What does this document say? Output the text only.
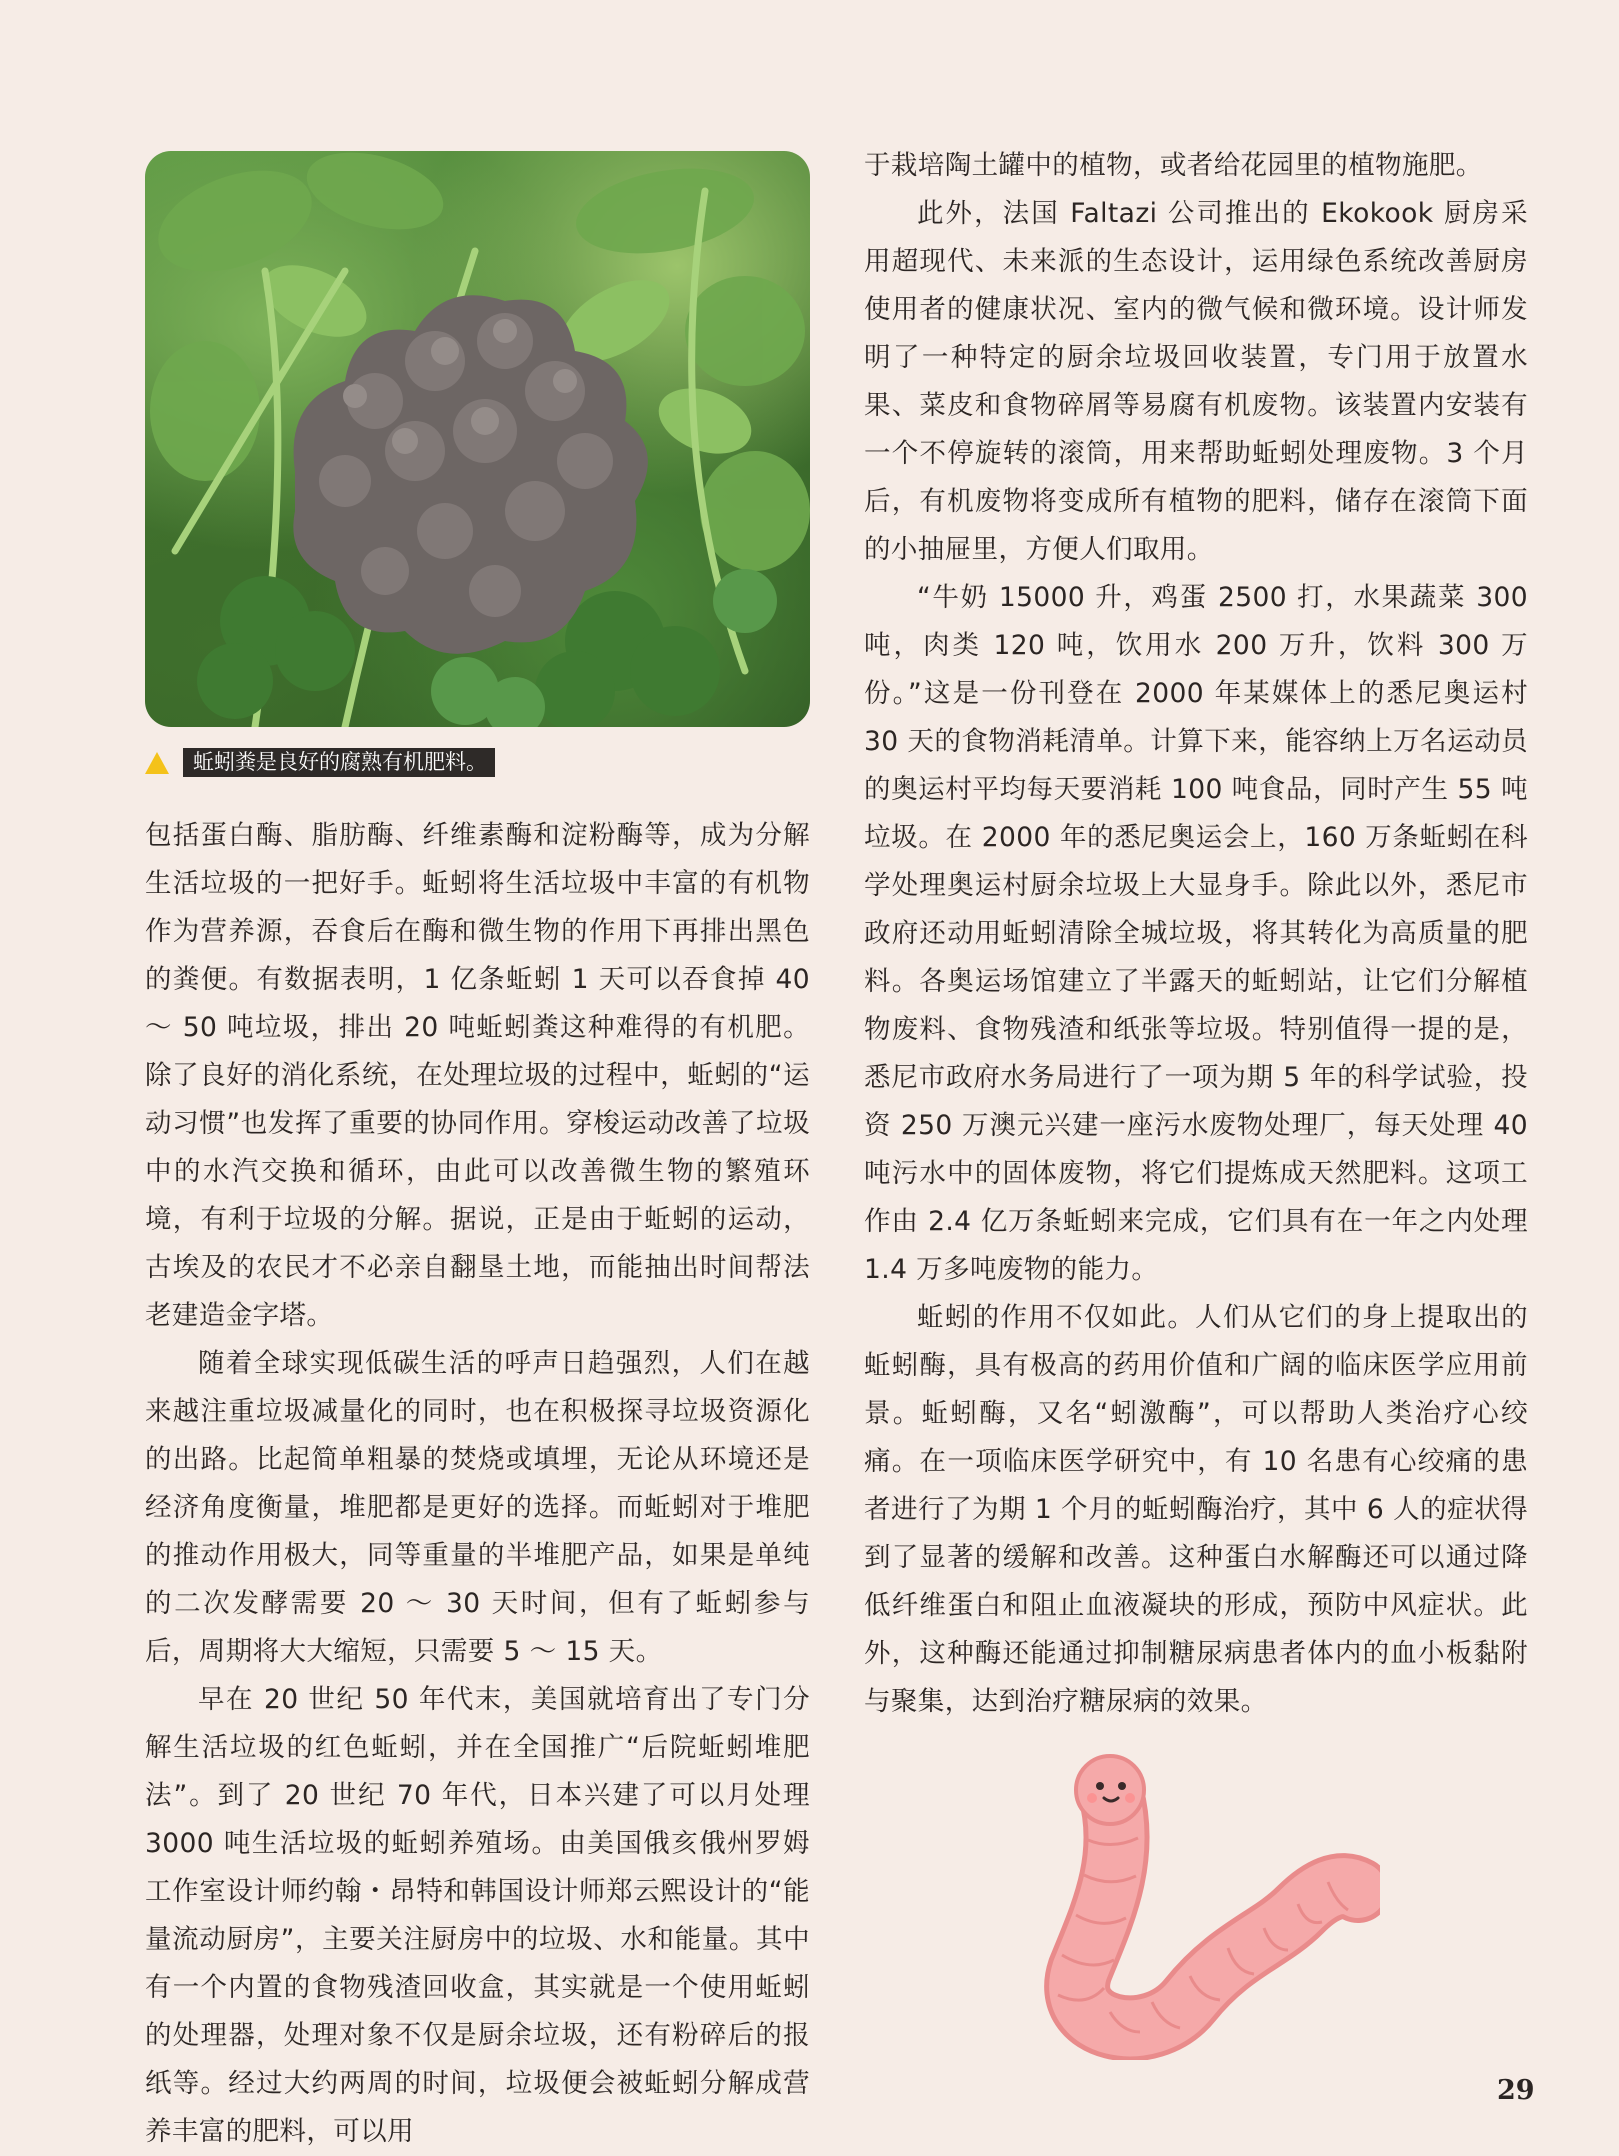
蚯蚓粪是良好的腐熟有机肥料。

包括蛋白酶、脂肪酶、纤维素酶和淀粉酶等，成为分解生活垃圾的一把好手。蚯蚓将生活垃圾中丰富的有机物作为营养源，吞食后在酶和微生物的作用下再排出黑色的粪便。有数据表明，1 亿条蚯蚓 1 天可以吞食掉 40 ～ 50 吨垃圾，排出 20 吨蚯蚓粪这种难得的有机肥。除了良好的消化系统，在处理垃圾的过程中，蚯蚓的“运动习惯”也发挥了重要的协同作用。穿梭运动改善了垃圾中的水汽交换和循环，由此可以改善微生物的繁殖环境，有利于垃圾的分解。据说，正是由于蚯蚓的运动，古埃及的农民才不必亲自翻垦土地，而能抽出时间帮法老建造金字塔。

随着全球实现低碳生活的呼声日趋强烈，人们在越来越注重垃圾减量化的同时，也在积极探寻垃圾资源化的出路。比起简单粗暴的焚烧或填埋，无论从环境还是经济角度衡量，堆肥都是更好的选择。而蚯蚓对于堆肥的推动作用极大，同等重量的半堆肥产品，如果是单纯的二次发酵需要 20 ～ 30 天时间，但有了蚯蚓参与后，周期将大大缩短，只需要 5 ～ 15 天。

早在 20 世纪 50 年代末，美国就培育出了专门分解生活垃圾的红色蚯蚓，并在全国推广“后院蚯蚓堆肥法”。到了 20 世纪 70 年代，日本兴建了可以月处理 3000 吨生活垃圾的蚯蚓养殖场。由美国俄亥俄州罗姆工作室设计师约翰・昂特和韩国设计师郑云熙设计的“能量流动厨房”，主要关注厨房中的垃圾、水和能量。其中有一个内置的食物残渣回收盒，其实就是一个使用蚯蚓的处理器，处理对象不仅是厨余垃圾，还有粉碎后的报纸等。经过大约两周的时间，垃圾便会被蚯蚓分解成营养丰富的肥料，可以用

于栽培陶土罐中的植物，或者给花园里的植物施肥。

此外，法国 Faltazi 公司推出的 Ekokook 厨房采用超现代、未来派的生态设计，运用绿色系统改善厨房使用者的健康状况、室内的微气候和微环境。设计师发明了一种特定的厨余垃圾回收装置，专门用于放置水果、菜皮和食物碎屑等易腐有机废物。该装置内安装有一个不停旋转的滚筒，用来帮助蚯蚓处理废物。3 个月后，有机废物将变成所有植物的肥料，储存在滚筒下面的小抽屉里，方便人们取用。

“牛奶 15000 升，鸡蛋 2500 打，水果蔬菜 300 吨，肉类 120 吨，饮用水 200 万升，饮料 300 万份。”这是一份刊登在 2000 年某媒体上的悉尼奥运村 30 天的食物消耗清单。计算下来，能容纳上万名运动员的奥运村平均每天要消耗 100 吨食品，同时产生 55 吨垃圾。在 2000 年的悉尼奥运会上，160 万条蚯蚓在科学处理奥运村厨余垃圾上大显身手。除此以外，悉尼市政府还动用蚯蚓清除全城垃圾，将其转化为高质量的肥料。各奥运场馆建立了半露天的蚯蚓站，让它们分解植物废料、食物残渣和纸张等垃圾。特别值得一提的是，悉尼市政府水务局进行了一项为期 5 年的科学试验，投资 250 万澳元兴建一座污水废物处理厂，每天处理 40 吨污水中的固体废物，将它们提炼成天然肥料。这项工作由 2.4 亿万条蚯蚓来完成，它们具有在一年之内处理 1.4 万多吨废物的能力。

蚯蚓的作用不仅如此。人们从它们的身上提取出的蚯蚓酶，具有极高的药用价值和广阔的临床医学应用前景。蚯蚓酶，又名“蚓激酶”，可以帮助人类治疗心绞痛。在一项临床医学研究中，有 10 名患有心绞痛的患者进行了为期 1 个月的蚯蚓酶治疗，其中 6 人的症状得到了显著的缓解和改善。这种蛋白水解酶还可以通过降低纤维蛋白和阻止血液凝块的形成，预防中风症状。此外，这种酶还能通过抑制糖尿病患者体内的血小板黏附与聚集，达到治疗糖尿病的效果。

29
